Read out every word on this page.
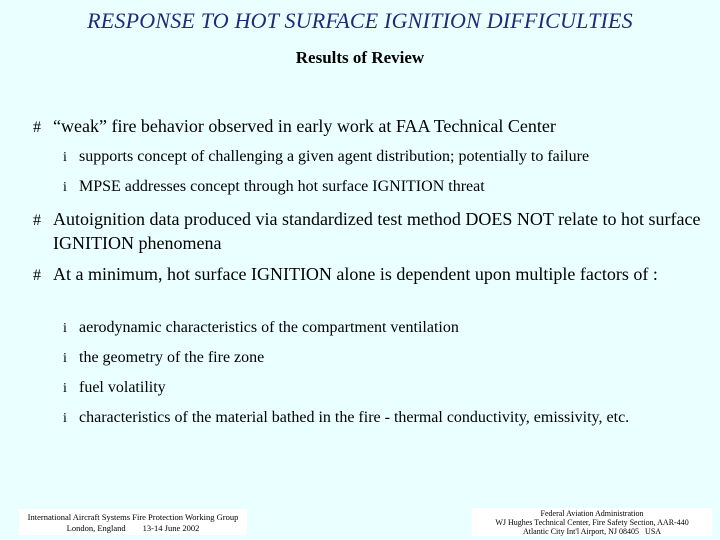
RESPONSE TO HOT SURFACE IGNITION DIFFICULTIES
Results of Review
# “weak” fire behavior observed in early work at FAA Technical Center
i supports concept of challenging a given agent distribution; potentially to failure
i MPSE addresses concept through hot surface IGNITION threat
# Autoignition data produced via standardized test method DOES NOT relate to hot surface IGNITION phenomena
# At a minimum, hot surface IGNITION alone is dependent upon multiple factors of :
i aerodynamic characteristics of the compartment ventilation
i the geometry of the fire zone
i fuel volatility
i characteristics of the material bathed in the fire - thermal conductivity, emissivity, etc.
International Aircraft Systems Fire Protection Working Group
London, England        13-14 June 2002
Federal Aviation Administration
WJ Hughes Technical Center, Fire Safety Section, AAR-440
Atlantic City Int'l Airport, NJ 08405   USA
